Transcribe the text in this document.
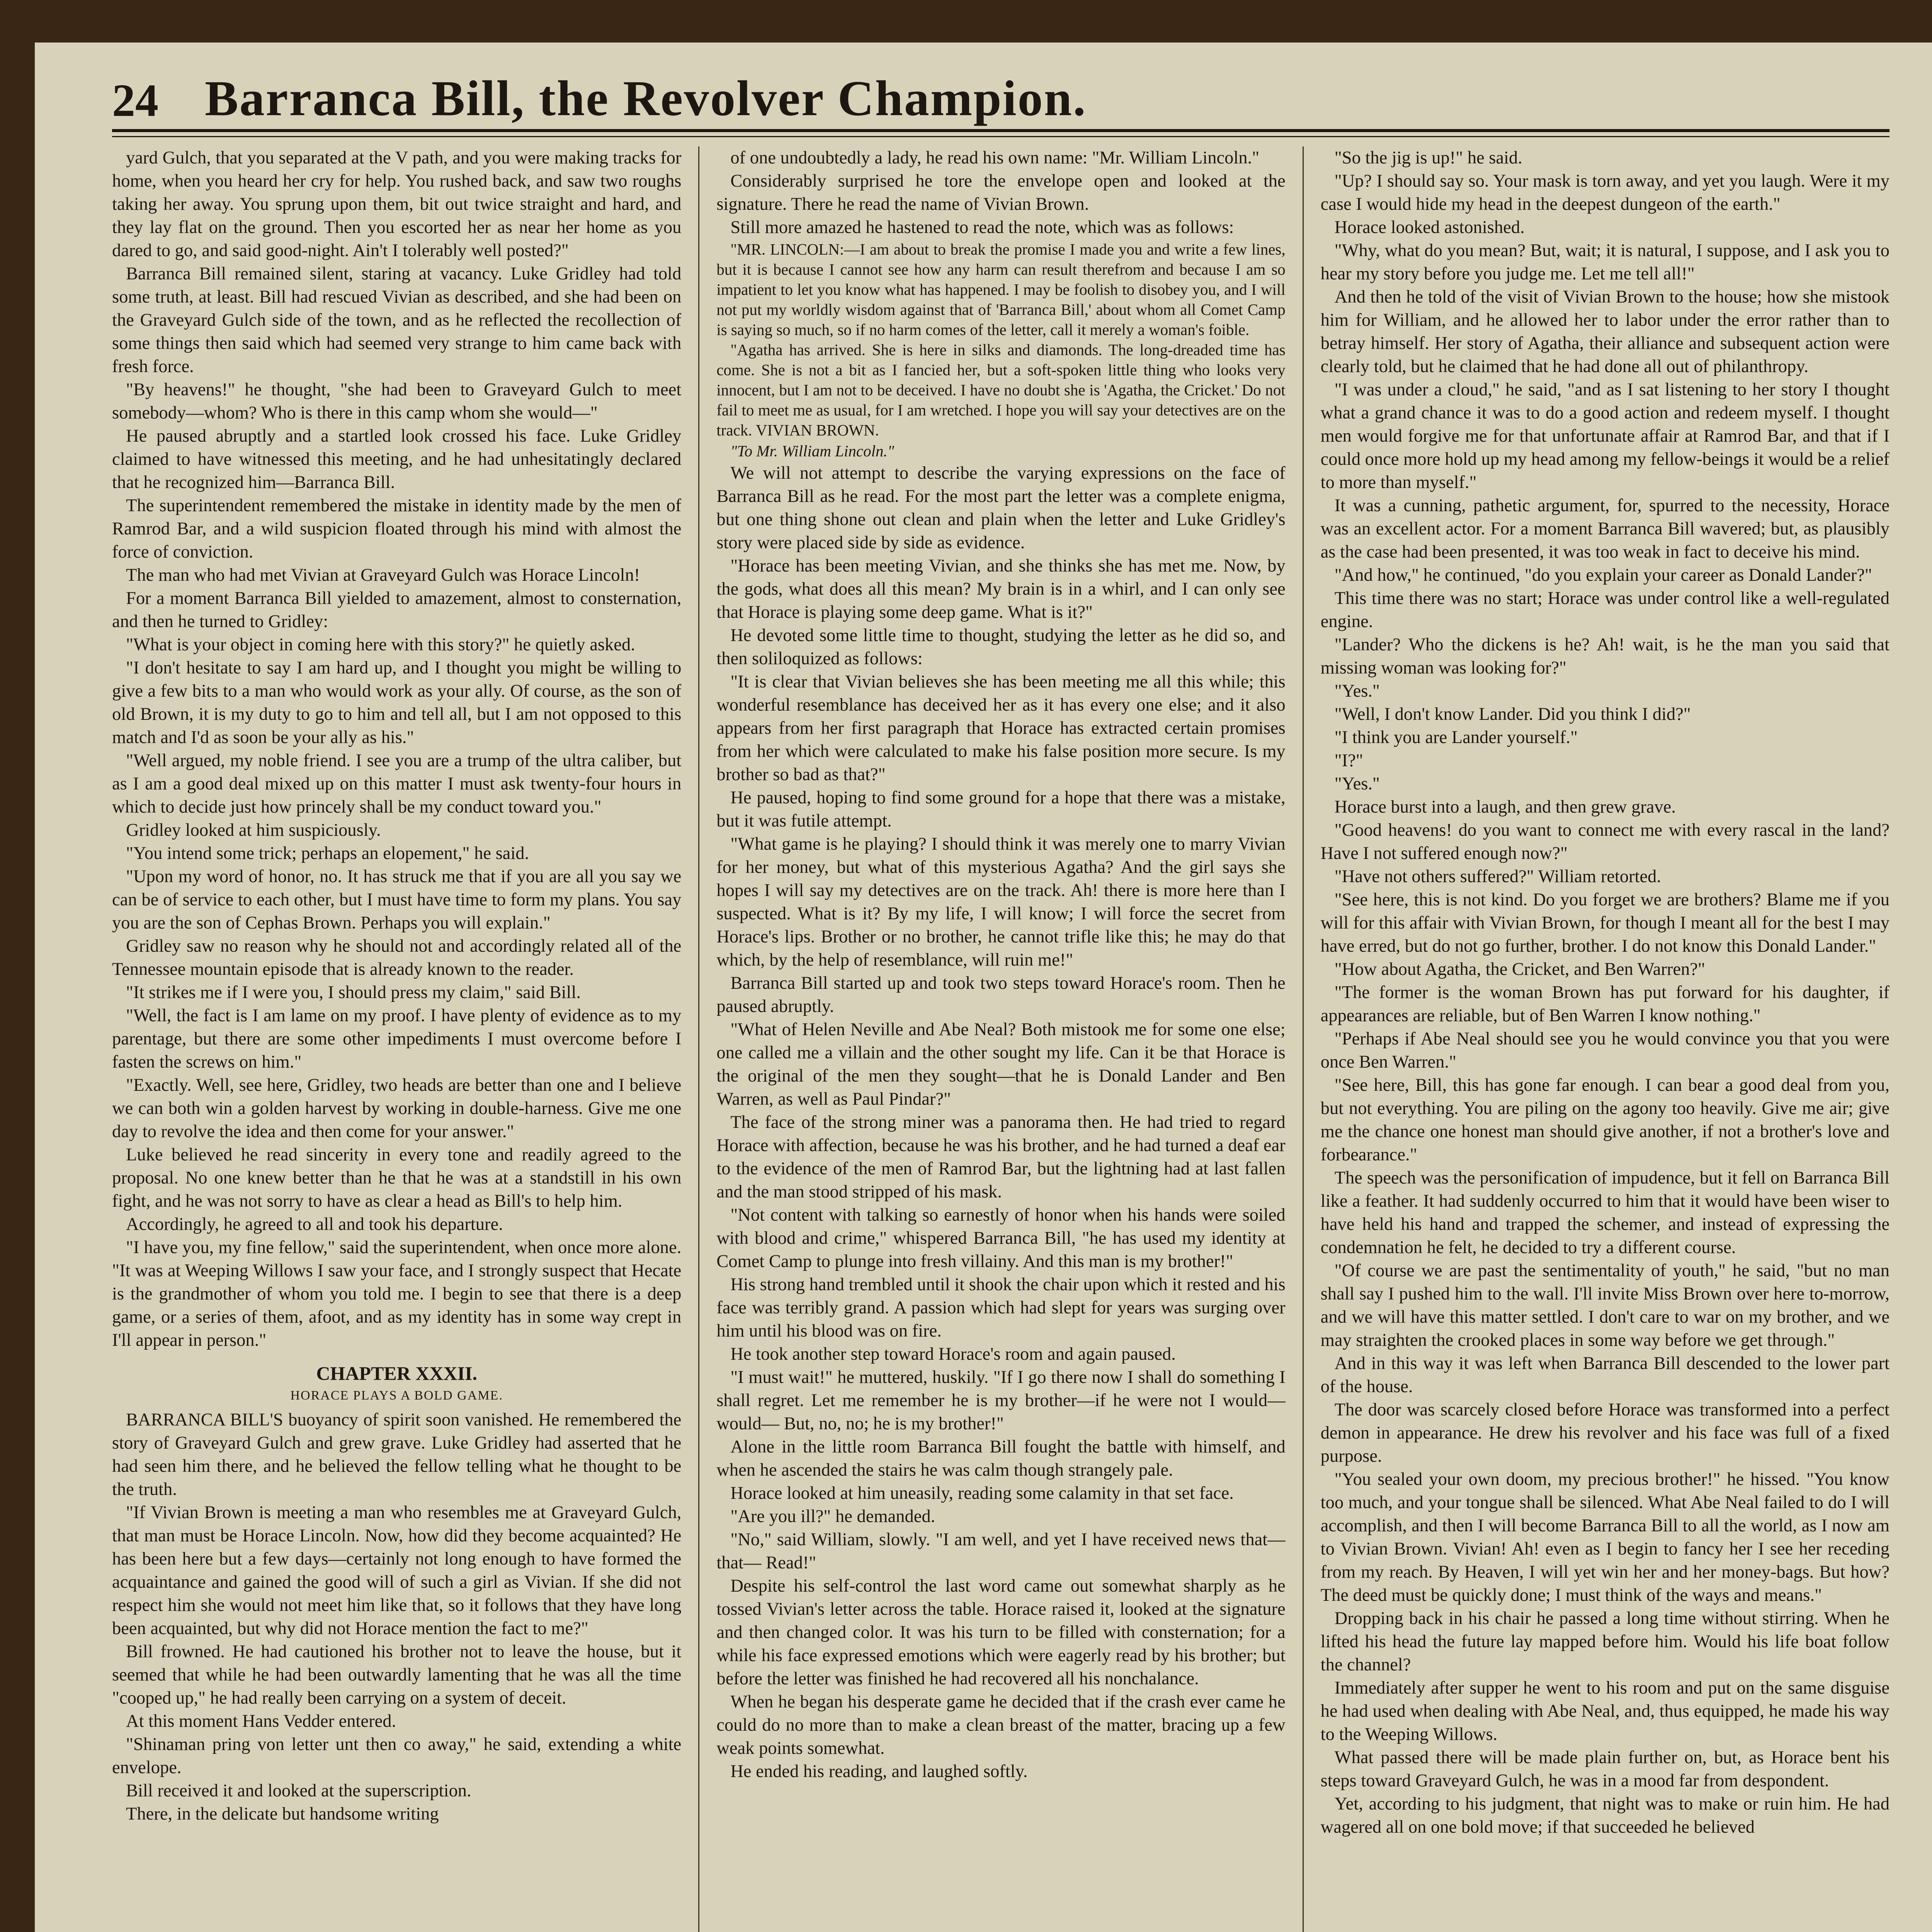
24 Barranca Bill, the Revolver Champion.

yard Gulch, that you separated at the V path, and you were making tracks for home, when you heard her cry for help. You rushed back, and saw two roughs taking her away. You sprung upon them, bit out twice straight and hard, and they lay flat on the ground. Then you escorted her as near her home as you dared to go, and said good-night. Ain't I tolerably well posted?"

Barranca Bill remained silent, staring at vacancy. Luke Gridley had told some truth, at least. Bill had rescued Vivian as described, and she had been on the Graveyard Gulch side of the town, and as he reflected the recollection of some things then said which had seemed very strange to him came back with fresh force.

"By heavens!" he thought, "she had been to Graveyard Gulch to meet somebody—whom? Who is there in this camp whom she would—"

He paused abruptly and a startled look crossed his face. Luke Gridley claimed to have witnessed this meeting, and he had unhesitatingly declared that he recognized him—Barranca Bill.

The superintendent remembered the mistake in identity made by the men of Ramrod Bar, and a wild suspicion floated through his mind with almost the force of conviction.

The man who had met Vivian at Graveyard Gulch was Horace Lincoln!

For a moment Barranca Bill yielded to amazement, almost to consternation, and then he turned to Gridley:

"What is your object in coming here with this story?" he quietly asked.

"I don't hesitate to say I am hard up, and I thought you might be willing to give a few bits to a man who would work as your ally. Of course, as the son of old Brown, it is my duty to go to him and tell all, but I am not opposed to this match and I'd as soon be your ally as his."

"Well argued, my noble friend. I see you are a trump of the ultra caliber, but as I am a good deal mixed up on this matter I must ask twenty-four hours in which to decide just how princely shall be my conduct toward you."

Gridley looked at him suspiciously.

"You intend some trick; perhaps an elopement," he said.

"Upon my word of honor, no. It has struck me that if you are all you say we can be of service to each other, but I must have time to form my plans. You say you are the son of Cephas Brown. Perhaps you will explain."

Gridley saw no reason why he should not and accordingly related all of the Tennessee mountain episode that is already known to the reader.

"It strikes me if I were you, I should press my claim," said Bill.

"Well, the fact is I am lame on my proof. I have plenty of evidence as to my parentage, but there are some other impediments I must overcome before I fasten the screws on him."

"Exactly. Well, see here, Gridley, two heads are better than one and I believe we can both win a golden harvest by working in double-harness. Give me one day to revolve the idea and then come for your answer."

Luke believed he read sincerity in every tone and readily agreed to the proposal. No one knew better than he that he was at a standstill in his own fight, and he was not sorry to have as clear a head as Bill's to help him.

Accordingly, he agreed to all and took his departure.

"I have you, my fine fellow," said the superintendent, when once more alone. "It was at Weeping Willows I saw your face, and I strongly suspect that Hecate is the grandmother of whom you told me. I begin to see that there is a deep game, or a series of them, afoot, and as my identity has in some way crept in I'll appear in person."

CHAPTER XXXII.
HORACE PLAYS A BOLD GAME.

BARRANCA BILL'S buoyancy of spirit soon vanished. He remembered the story of Graveyard Gulch and grew grave. Luke Gridley had asserted that he had seen him there, and he believed the fellow telling what he thought to be the truth.

"If Vivian Brown is meeting a man who resembles me at Graveyard Gulch, that man must be Horace Lincoln. Now, how did they become acquainted? He has been here but a few days—certainly not long enough to have formed the acquaintance and gained the good will of such a girl as Vivian. If she did not respect him she would not meet him like that, so it follows that they have long been acquainted, but why did not Horace mention the fact to me?"

Bill frowned. He had cautioned his brother not to leave the house, but it seemed that while he had been outwardly lamenting that he was all the time "cooped up," he had really been carrying on a system of deceit.

At this moment Hans Vedder entered.

"Shinaman pring von letter unt then co away," he said, extending a white envelope.

Bill received it and looked at the superscription.

There, in the delicate but handsome writing

of one undoubtedly a lady, he read his own name: "Mr. William Lincoln."

Considerably surprised he tore the envelope open and looked at the signature. There he read the name of Vivian Brown.

Still more amazed he hastened to read the note, which was as follows:

"MR. LINCOLN:—I am about to break the promise I made you and write a few lines, but it is because I cannot see how any harm can result therefrom and because I am so impatient to let you know what has happened. I may be foolish to disobey you, and I will not put my worldly wisdom against that of 'Barranca Bill,' about whom all Comet Camp is saying so much, so if no harm comes of the letter, call it merely a woman's foible.

"Agatha has arrived. She is here in silks and diamonds. The long-dreaded time has come. She is not a bit as I fancied her, but a soft-spoken little thing who looks very innocent, but I am not to be deceived. I have no doubt she is 'Agatha, the Cricket.' Do not fail to meet me as usual, for I am wretched. I hope you will say your detectives are on the track. VIVIAN BROWN.

"To Mr. William Lincoln."

We will not attempt to describe the varying expressions on the face of Barranca Bill as he read. For the most part the letter was a complete enigma, but one thing shone out clean and plain when the letter and Luke Gridley's story were placed side by side as evidence.

"Horace has been meeting Vivian, and she thinks she has met me. Now, by the gods, what does all this mean? My brain is in a whirl, and I can only see that Horace is playing some deep game. What is it?"

He devoted some little time to thought, studying the letter as he did so, and then soliloquized as follows:

"It is clear that Vivian believes she has been meeting me all this while; this wonderful resemblance has deceived her as it has every one else; and it also appears from her first paragraph that Horace has extracted certain promises from her which were calculated to make his false position more secure. Is my brother so bad as that?"

He paused, hoping to find some ground for a hope that there was a mistake, but it was futile attempt.

"What game is he playing? I should think it was merely one to marry Vivian for her money, but what of this mysterious Agatha? And the girl says she hopes I will say my detectives are on the track. Ah! there is more here than I suspected. What is it? By my life, I will know; I will force the secret from Horace's lips. Brother or no brother, he cannot trifle like this; he may do that which, by the help of resemblance, will ruin me!"

Barranca Bill started up and took two steps toward Horace's room. Then he paused abruptly.

"What of Helen Neville and Abe Neal? Both mistook me for some one else; one called me a villain and the other sought my life. Can it be that Horace is the original of the men they sought—that he is Donald Lander and Ben Warren, as well as Paul Pindar?"

The face of the strong miner was a panorama then. He had tried to regard Horace with affection, because he was his brother, and he had turned a deaf ear to the evidence of the men of Ramrod Bar, but the lightning had at last fallen and the man stood stripped of his mask.

"Not content with talking so earnestly of honor when his hands were soiled with blood and crime," whispered Barranca Bill, "he has used my identity at Comet Camp to plunge into fresh villainy. And this man is my brother!"

His strong hand trembled until it shook the chair upon which it rested and his face was terribly grand. A passion which had slept for years was surging over him until his blood was on fire.

He took another step toward Horace's room and again paused.

"I must wait!" he muttered, huskily. "If I go there now I shall do something I shall regret. Let me remember he is my brother—if he were not I would—would— But, no, no; he is my brother!"

Alone in the little room Barranca Bill fought the battle with himself, and when he ascended the stairs he was calm though strangely pale.

Horace looked at him uneasily, reading some calamity in that set face.

"Are you ill?" he demanded.

"No," said William, slowly. "I am well, and yet I have received news that—that— Read!"

Despite his self-control the last word came out somewhat sharply as he tossed Vivian's letter across the table. Horace raised it, looked at the signature and then changed color. It was his turn to be filled with consternation; for a while his face expressed emotions which were eagerly read by his brother; but before the letter was finished he had recovered all his nonchalance.

When he began his desperate game he decided that if the crash ever came he could do no more than to make a clean breast of the matter, bracing up a few weak points somewhat.

He ended his reading, and laughed softly.

"So the jig is up!" he said.

"Up? I should say so. Your mask is torn away, and yet you laugh. Were it my case I would hide my head in the deepest dungeon of the earth."

Horace looked astonished.

"Why, what do you mean? But, wait; it is natural, I suppose, and I ask you to hear my story before you judge me. Let me tell all!"

And then he told of the visit of Vivian Brown to the house; how she mistook him for William, and he allowed her to labor under the error rather than to betray himself. Her story of Agatha, their alliance and subsequent action were clearly told, but he claimed that he had done all out of philanthropy.

"I was under a cloud," he said, "and as I sat listening to her story I thought what a grand chance it was to do a good action and redeem myself. I thought men would forgive me for that unfortunate affair at Ramrod Bar, and that if I could once more hold up my head among my fellow-beings it would be a relief to more than myself."

It was a cunning, pathetic argument, for, spurred to the necessity, Horace was an excellent actor. For a moment Barranca Bill wavered; but, as plausibly as the case had been presented, it was too weak in fact to deceive his mind.

"And how," he continued, "do you explain your career as Donald Lander?"

This time there was no start; Horace was under control like a well-regulated engine.

"Lander? Who the dickens is he? Ah! wait, is he the man you said that missing woman was looking for?"

"Yes."

"Well, I don't know Lander. Did you think I did?"

"I think you are Lander yourself."

"I?"

"Yes."

Horace burst into a laugh, and then grew grave.

"Good heavens! do you want to connect me with every rascal in the land? Have I not suffered enough now?"

"Have not others suffered?" William retorted.

"See here, this is not kind. Do you forget we are brothers? Blame me if you will for this affair with Vivian Brown, for though I meant all for the best I may have erred, but do not go further, brother. I do not know this Donald Lander."

"How about Agatha, the Cricket, and Ben Warren?"

"The former is the woman Brown has put forward for his daughter, if appearances are reliable, but of Ben Warren I know nothing."

"Perhaps if Abe Neal should see you he would convince you that you were once Ben Warren."

"See here, Bill, this has gone far enough. I can bear a good deal from you, but not everything. You are piling on the agony too heavily. Give me air; give me the chance one honest man should give another, if not a brother's love and forbearance."

The speech was the personification of impudence, but it fell on Barranca Bill like a feather. It had suddenly occurred to him that it would have been wiser to have held his hand and trapped the schemer, and instead of expressing the condemnation he felt, he decided to try a different course.

"Of course we are past the sentimentality of youth," he said, "but no man shall say I pushed him to the wall. I'll invite Miss Brown over here to-morrow, and we will have this matter settled. I don't care to war on my brother, and we may straighten the crooked places in some way before we get through."

And in this way it was left when Barranca Bill descended to the lower part of the house.

The door was scarcely closed before Horace was transformed into a perfect demon in appearance. He drew his revolver and his face was full of a fixed purpose.

"You sealed your own doom, my precious brother!" he hissed. "You know too much, and your tongue shall be silenced. What Abe Neal failed to do I will accomplish, and then I will become Barranca Bill to all the world, as I now am to Vivian Brown. Vivian! Ah! even as I begin to fancy her I see her receding from my reach. By Heaven, I will yet win her and her money-bags. But how? The deed must be quickly done; I must think of the ways and means."

Dropping back in his chair he passed a long time without stirring. When he lifted his head the future lay mapped before him. Would his life boat follow the channel?

Immediately after supper he went to his room and put on the same disguise he had used when dealing with Abe Neal, and, thus equipped, he made his way to the Weeping Willows.

What passed there will be made plain further on, but, as Horace bent his steps toward Graveyard Gulch, he was in a mood far from despondent.

Yet, according to his judgment, that night was to make or ruin him. He had wagered all on one bold move; if that succeeded he believed
